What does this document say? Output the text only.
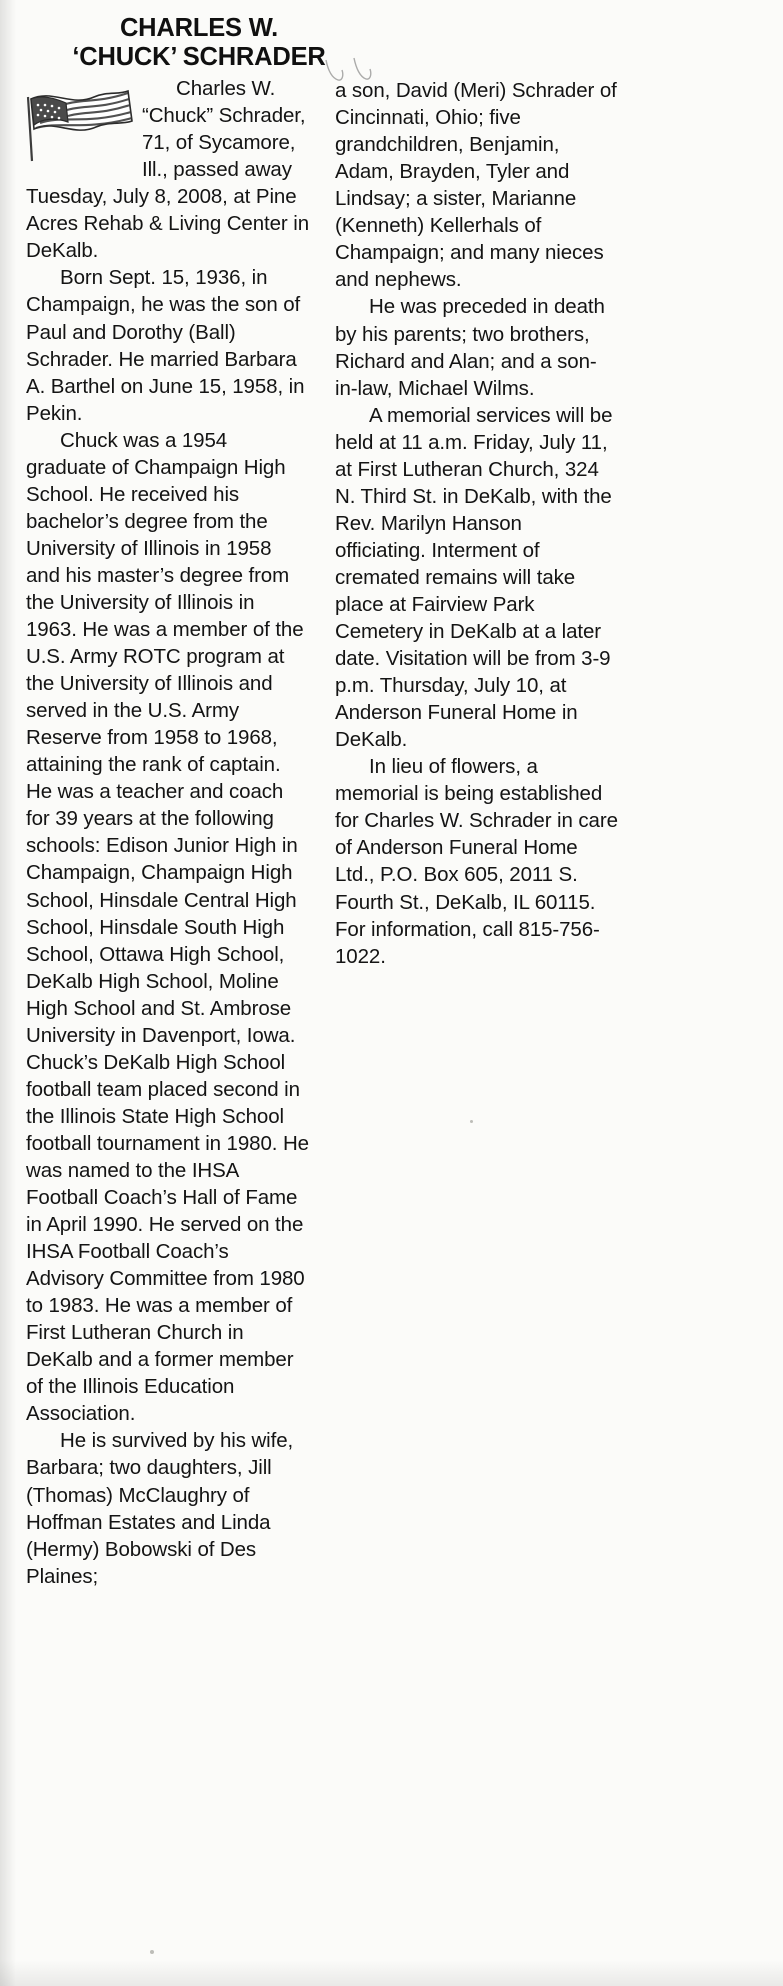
CHARLES W.
‘CHUCK’ SCHRADER

Charles W. “Chuck” Schrader, 71, of Sycamore, Ill., passed away Tuesday, July 8, 2008, at Pine Acres Rehab & Living Center in DeKalb.

Born Sept. 15, 1936, in Champaign, he was the son of Paul and Dorothy (Ball) Schrader. He married Barbara A. Barthel on June 15, 1958, in Pekin.

Chuck was a 1954 graduate of Champaign High School. He received his bachelor’s degree from the University of Illinois in 1958 and his master’s degree from the University of Illinois in 1963. He was a member of the U.S. Army ROTC program at the University of Illinois and served in the U.S. Army Reserve from 1958 to 1968, attaining the rank of captain. He was a teacher and coach for 39 years at the following schools: Edison Junior High in Champaign, Champaign High School, Hinsdale Central High School, Hinsdale South High School, Ottawa High School, DeKalb High School, Moline High School and St. Ambrose University in Davenport, Iowa. Chuck’s DeKalb High School football team placed second in the Illinois State High School football tournament in 1980. He was named to the IHSA Football Coach’s Hall of Fame in April 1990. He served on the IHSA Football Coach’s Advisory Committee from 1980 to 1983. He was a member of First Lutheran Church in DeKalb and a former member of the Illinois Education Association.

He is survived by his wife, Barbara; two daughters, Jill (Thomas) McClaughry of Hoffman Estates and Linda (Hermy) Bobowski of Des Plaines;

a son, David (Meri) Schrader of Cincinnati, Ohio; five grandchildren, Benjamin, Adam, Brayden, Tyler and Lindsay; a sister, Marianne (Kenneth) Kellerhals of Champaign; and many nieces and nephews.

He was preceded in death by his parents; two brothers, Richard and Alan; and a son-in-law, Michael Wilms.

A memorial services will be held at 11 a.m. Friday, July 11, at First Lutheran Church, 324 N. Third St. in DeKalb, with the Rev. Marilyn Hanson officiating. Interment of cremated remains will take place at Fairview Park Cemetery in DeKalb at a later date. Visitation will be from 3-9 p.m. Thursday, July 10, at Anderson Funeral Home in DeKalb.

In lieu of flowers, a memorial is being established for Charles W. Schrader in care of Anderson Funeral Home Ltd., P.O. Box 605, 2011 S. Fourth St., DeKalb, IL 60115. For information, call 815-756-1022.
